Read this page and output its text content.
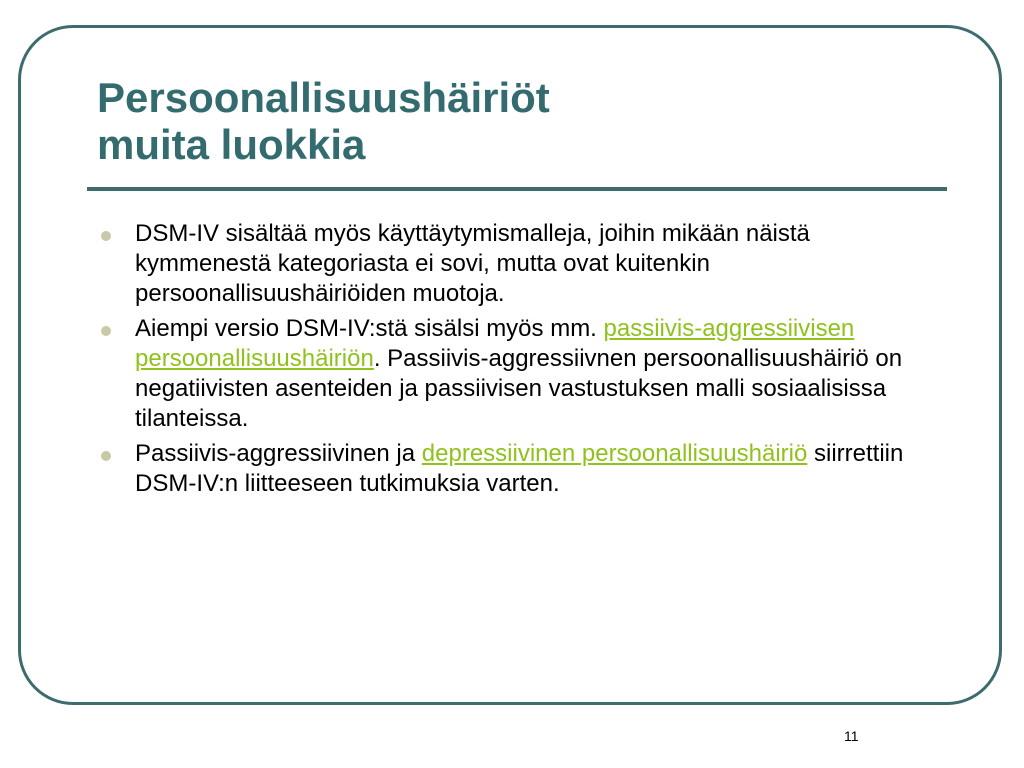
Persoonallisuushäiriöt
muita luokkia
DSM-IV sisältää myös käyttäytymismalleja, joihin mikään näistä kymmenestä kategoriasta ei sovi, mutta ovat kuitenkin persoonallisuushäiriöiden muotoja.
Aiempi versio DSM-IV:stä sisälsi myös mm. passiivis-aggressiivisen persoonallisuushäiriön. Passiivis-aggressiivnen persoonallisuushäiriö on negatiivisten asenteiden ja passiivisen vastustuksen malli sosiaalisissa tilanteissa.
Passiivis-aggressiivinen ja depressiivinen persoonallisuushäiriö siirrettiin DSM-IV:n liitteeseen tutkimuksia varten.
11
